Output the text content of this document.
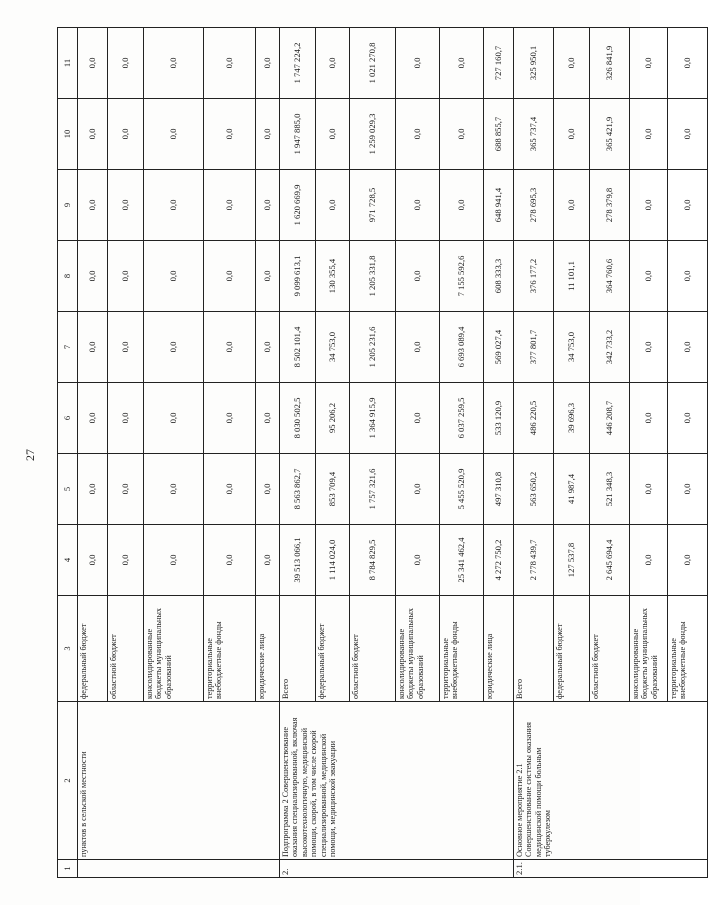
27
1	2	3	4	5	6	7	8	9	10	11
	пунктов в сельской местности	федеральный бюджет	0,0	0,0	0,0	0,0	0,0	0,0	0,0	0,0
		областной бюджет	0,0	0,0	0,0	0,0	0,0	0,0	0,0	0,0
		консолидированные бюджеты муниципальных образований	0,0	0,0	0,0	0,0	0,0	0,0	0,0	0,0
		территориальные внебюджетные фонды	0,0	0,0	0,0	0,0	0,0	0,0	0,0	0,0
		юридические лица	0,0	0,0	0,0	0,0	0,0	0,0	0,0	0,0
2.	Подпрограмма 2 Совершенствование оказания специализированной, включая высокотехнологичную, медицинской помощи, скорой, в том числе скорой специализированной, медицинской помощи, медицинской эвакуации	Всего	39 513 066,1	8 563 862,7	8 030 502,5	8 502 101,4	9 099 613,1	1 620 669,9	1 947 885,0	1 747 224,2
		федеральный бюджет	1 114 024,0	853 709,4	95 206,2	34 753,0	130 355,4	0,0	0,0	0,0
		областной бюджет	8 784 829,5	1 757 321,6	1 364 915,9	1 205 231,6	1 205 331,8	971 728,5	1 259 029,3	1 021 270,8
		консолидированные бюджеты муниципальных образований	0,0	0,0	0,0	0,0	0,0	0,0	0,0	0,0
		территориальные внебюджетные фонды	25 341 462,4	5 455 520,9	6 037 259,5	6 693 089,4	7 155 592,6	0,0	0,0	0,0
		юридические лица	4 272 750,2	497 310,8	533 120,9	569 027,4	608 333,3	648 941,4	688 855,7	727 160,7
2.1.	Основное мероприятие 2.1 Совершенствование системы оказания медицинской помощи больным туберкулезом	Всего	2 778 439,7	563 650,2	486 220,5	377 801,7	376 177,2	278 695,3	365 737,4	325 950,1
		федеральный бюджет	127 537,8	41 987,4	39 696,3	34 753,0	11 101,1	0,0	0,0	0,0
		областной бюджет	2 645 694,4	521 348,3	446 208,7	342 733,2	364 760,6	278 379,8	365 421,9	326 841,9
		консолидированные бюджеты муниципальных образований	0,0	0,0	0,0	0,0	0,0	0,0	0,0	0,0
		территориальные внебюджетные фонды	0,0	0,0	0,0	0,0	0,0	0,0	0,0	0,0
